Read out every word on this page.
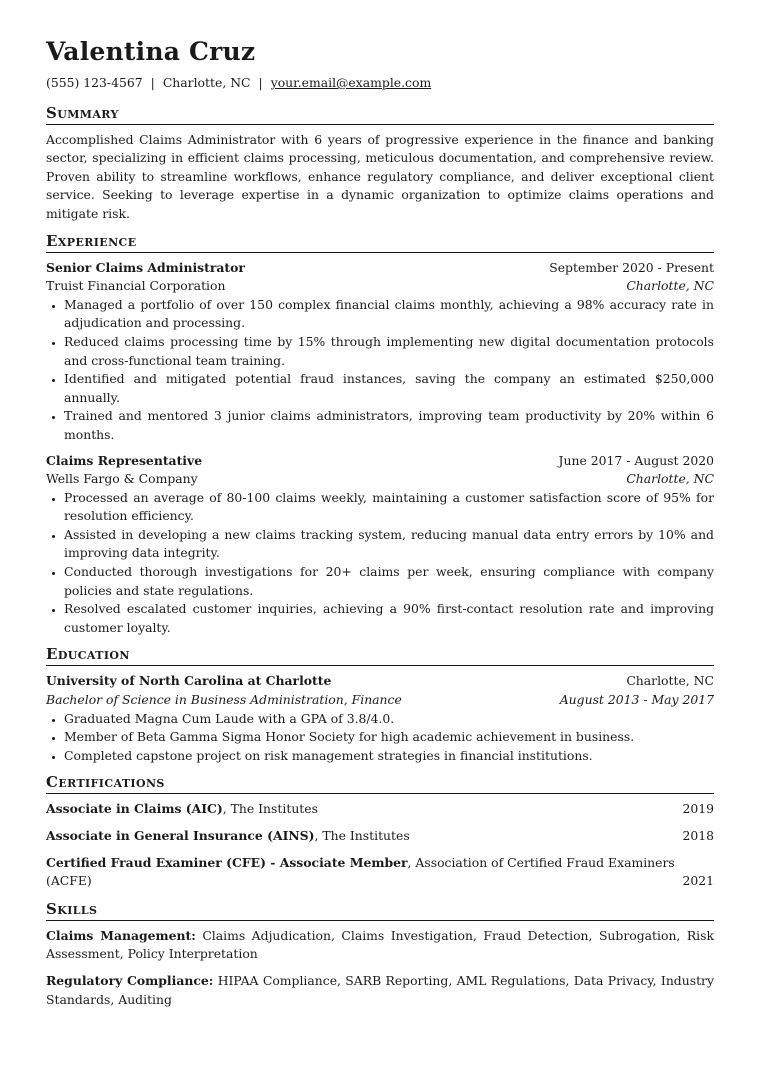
Valentina Cruz
(555) 123-4567 | Charlotte, NC | your.email@example.com
Summary
Accomplished Claims Administrator with 6 years of progressive experience in the finance and banking sector, specializing in efficient claims processing, meticulous documentation, and comprehensive review. Proven ability to streamline workflows, enhance regulatory compliance, and deliver exceptional client service. Seeking to leverage expertise in a dynamic organization to optimize claims operations and mitigate risk.
Experience
Senior Claims Administrator	September 2020 - Present
Truist Financial Corporation	Charlotte, NC
• Managed a portfolio of over 150 complex financial claims monthly, achieving a 98% accuracy rate in adjudication and processing.
• Reduced claims processing time by 15% through implementing new digital documentation protocols and cross-functional team training.
• Identified and mitigated potential fraud instances, saving the company an estimated $250,000 annually.
• Trained and mentored 3 junior claims administrators, improving team productivity by 20% within 6 months.
Claims Representative	June 2017 - August 2020
Wells Fargo & Company	Charlotte, NC
• Processed an average of 80-100 claims weekly, maintaining a customer satisfaction score of 95% for resolution efficiency.
• Assisted in developing a new claims tracking system, reducing manual data entry errors by 10% and improving data integrity.
• Conducted thorough investigations for 20+ claims per week, ensuring compliance with company policies and state regulations.
• Resolved escalated customer inquiries, achieving a 90% first-contact resolution rate and improving customer loyalty.
Education
University of North Carolina at Charlotte	Charlotte, NC
Bachelor of Science in Business Administration, Finance	August 2013 - May 2017
• Graduated Magna Cum Laude with a GPA of 3.8/4.0.
• Member of Beta Gamma Sigma Honor Society for high academic achievement in business.
• Completed capstone project on risk management strategies in financial institutions.
Certifications
Associate in Claims (AIC), The Institutes	2019
Associate in General Insurance (AINS), The Institutes	2018
Certified Fraud Examiner (CFE) - Associate Member, Association of Certified Fraud Examiners (ACFE)	2021
Skills
Claims Management: Claims Adjudication, Claims Investigation, Fraud Detection, Subrogation, Risk Assessment, Policy Interpretation
Regulatory Compliance: HIPAA Compliance, SARB Reporting, AML Regulations, Data Privacy, Industry Standards, Auditing
